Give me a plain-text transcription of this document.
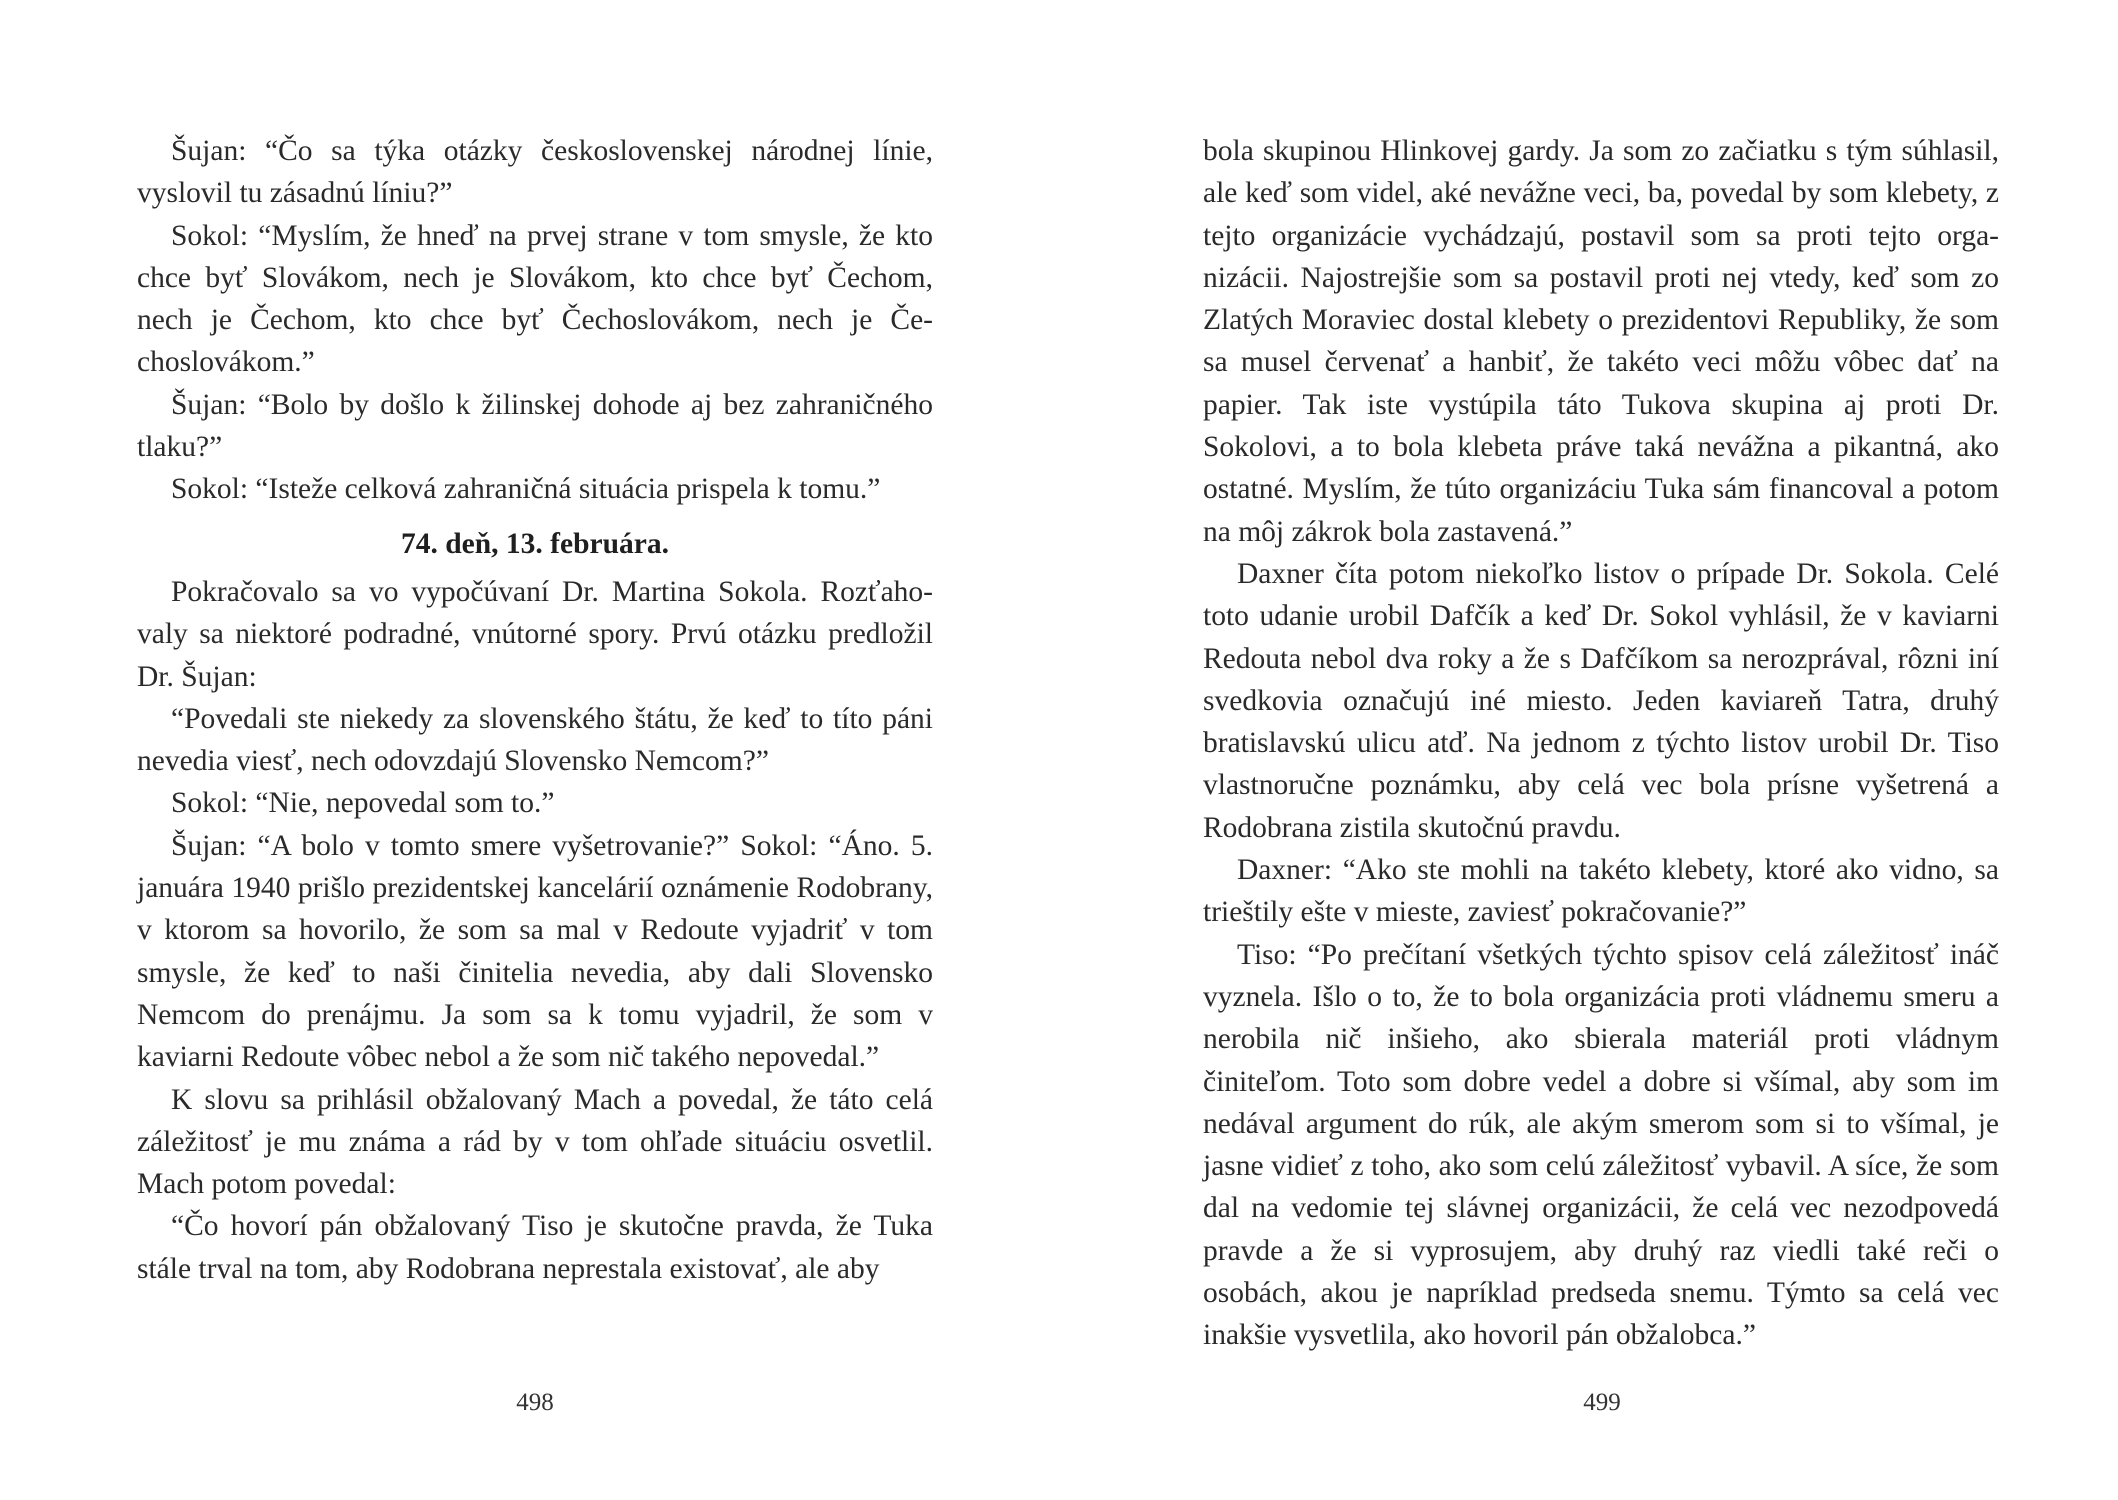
Šujan: “Čo sa týka otázky československej národnej línie, vyslovil tu zásadnú líniu?”

Sokol: “Myslím, že hneď na prvej strane v tom smysle, že kto chce byť Slovákom, nech je Slovákom, kto chce byť Čechom, nech je Čechom, kto chce byť Čechoslovákom, nech je Čechoslovákom.”

Šujan: “Bolo by došlo k žilinskej dohode aj bez zahraničného tlaku?”

Sokol: “Isteže celková zahraničná situácia prispela k tomu.”

74. deň, 13. februára.

Pokračovalo sa vo vypočúvaní Dr. Martina Sokola. Rozťahovaly sa niektoré podradné, vnútorné spory. Prvú otázku predložil Dr. Šujan:

“Povedali ste niekedy za slovenského štátu, že keď to títo páni nevedia viesť, nech odovzdajú Slovensko Nemcom?”

Sokol: “Nie, nepovedal som to.”

Šujan: “A bolo v tomto smere vyšetrovanie?” Sokol: “Áno. 5. januára 1940 prišlo prezidentskej kancelárií oznámenie Rodobrany, v ktorom sa hovorilo, že som sa mal v Redoute vyjadriť v tom smysle, že keď to naši činitelia nevedia, aby dali Slovensko Nemcom do prenájmu. Ja som sa k tomu vyjadril, že som v kaviarni Redoute vôbec nebol a že som nič takého nepovedal.”

K slovu sa prihlásil obžalovaný Mach a povedal, že táto celá záležitosť je mu známa a rád by v tom ohľade situáciu osvetlil. Mach potom povedal:

“Čo hovorí pán obžalovaný Tiso je skutočne pravda, že Tuka stále trval na tom, aby Rodobrana neprestala existovať, ale aby

498

bola skupinou Hlinkovej gardy. Ja som zo začiatku s tým súhlasil, ale keď som videl, aké nevážne veci, ba, povedal by som klebety, z tejto organizácie vychádzajú, postavil som sa proti tejto organizácii. Najostrejšie som sa postavil proti nej vtedy, keď som zo Zlatých Moraviec dostal klebety o prezidentovi Republiky, že som sa musel červenať a hanbiť, že takéto veci môžu vôbec dať na papier. Tak iste vystúpila táto Tukova skupina aj proti Dr. Sokolovi, a to bola klebeta práve taká nevážna a pikantná, ako ostatné. Myslím, že túto organizáciu Tuka sám financoval a potom na môj zákrok bola zastavená.”

Daxner číta potom niekoľko listov o prípade Dr. Sokola. Celé toto udanie urobil Dafčík a keď Dr. Sokol vyhlásil, že v kaviarni Redouta nebol dva roky a že s Dafčíkom sa nerozprával, rôzni iní svedkovia označujú iné miesto. Jeden kaviareň Tatra, druhý bratislavskú ulicu atď. Na jednom z týchto listov urobil Dr. Tiso vlastnoručne poznámku, aby celá vec bola prísne vyšetrená a Rodobrana zistila skutočnú pravdu.

Daxner: “Ako ste mohli na takéto klebety, ktoré ako vidno, sa trieštily ešte v mieste, zaviesť pokračovanie?”

Tiso: “Po prečítaní všetkých týchto spisov celá záležitosť ináč vyznela. Išlo o to, že to bola organizácia proti vládnemu smeru a nerobila nič inšieho, ako sbierala materiál proti vládnym činiteľom. Toto som dobre vedel a dobre si všímal, aby som im nedával argument do rúk, ale akým smerom som si to všímal, je jasne vidieť z toho, ako som celú záležitosť vybavil. A síce, že som dal na vedomie tej slávnej organizácii, že celá vec nezodpovedá pravde a že si vyprosujem, aby druhý raz viedli také reči o osobách, akou je napríklad predseda snemu. Týmto sa celá vec inakšie vysvetlila, ako hovoril pán obžalobca.”

499
